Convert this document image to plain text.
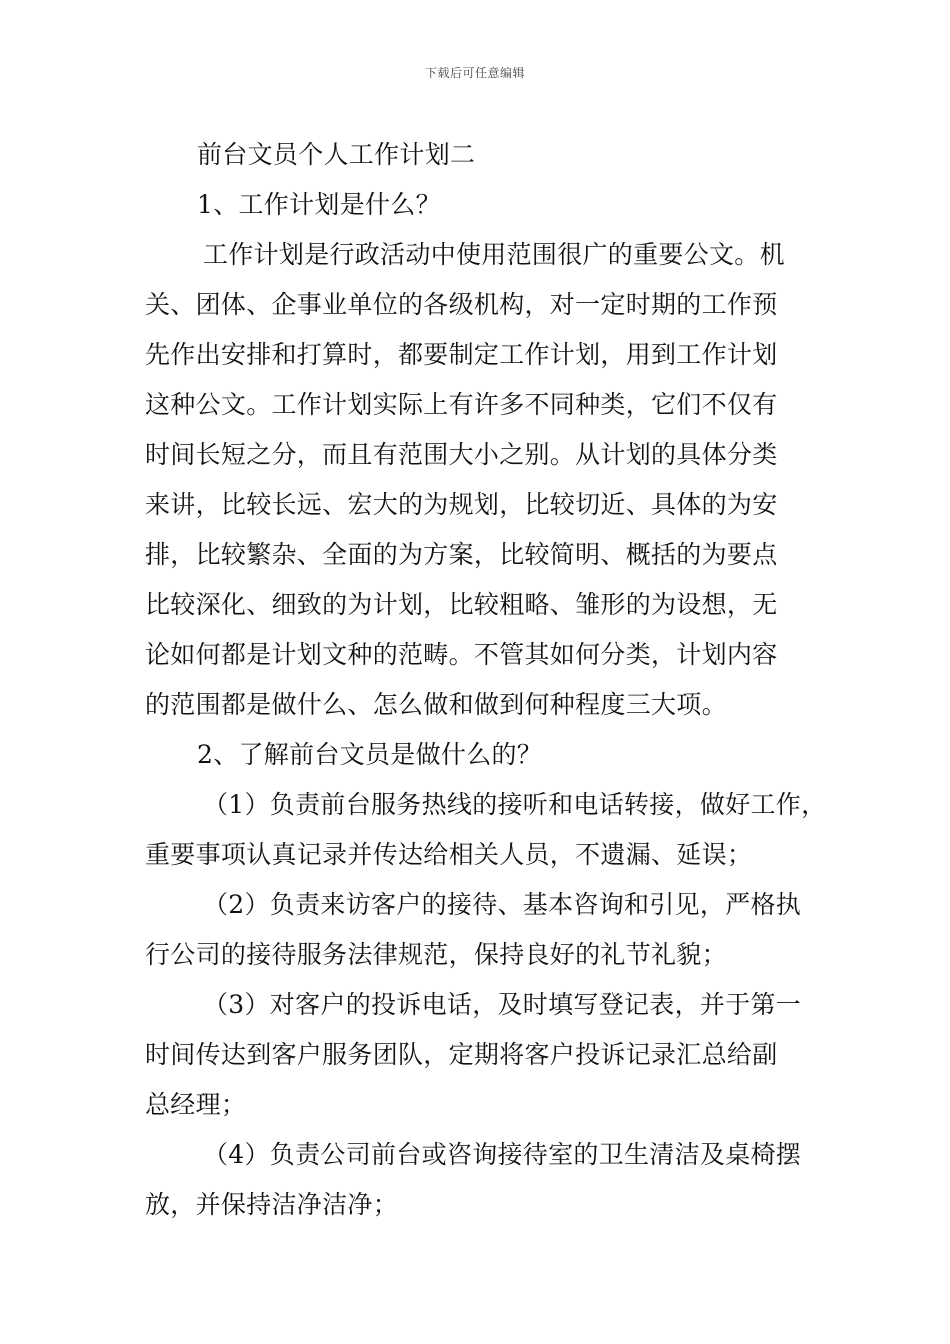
下载后可任意编辑
前台文员个人工作计划二
1、工作计划是什么？
工作计划是行政活动中使用范围很广的重要公文。机
关、团体、企事业单位的各级机构，对一定时期的工作预
先作出安排和打算时，都要制定工作计划，用到工作计划
这种公文。工作计划实际上有许多不同种类，它们不仅有
时间长短之分，而且有范围大小之别。从计划的具体分类
来讲，比较长远、宏大的为规划，比较切近、具体的为安
排，比较繁杂、全面的为方案，比较简明、概括的为要点
比较深化、细致的为计划，比较粗略、雏形的为设想，无
论如何都是计划文种的范畴。不管其如何分类，计划内容
的范围都是做什么、怎么做和做到何种程度三大项。
2、了解前台文员是做什么的？
（1）负责前台服务热线的接听和电话转接，做好工作，
重要事项认真记录并传达给相关人员，不遗漏、延误；
（2）负责来访客户的接待、基本咨询和引见，严格执
行公司的接待服务法律规范，保持良好的礼节礼貌；
（3）对客户的投诉电话，及时填写登记表，并于第一
时间传达到客户服务团队，定期将客户投诉记录汇总给副
总经理；
（4）负责公司前台或咨询接待室的卫生清洁及桌椅摆
放，并保持洁净洁净；
